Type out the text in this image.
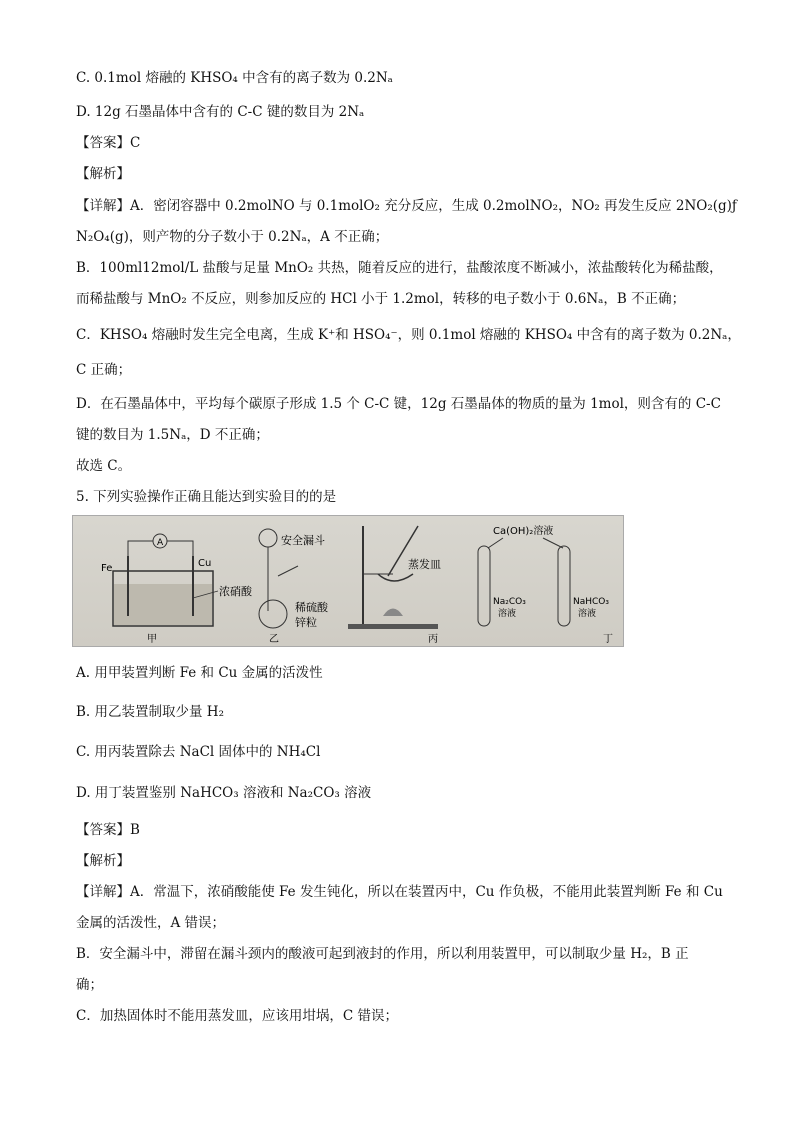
C. 0.1mol 熔融的 KHSO₄ 中含有的离子数为 0.2Nₐ
D. 12g 石墨晶体中含有的 C-C 键的数目为 2Nₐ
【答案】C
【解析】
【详解】A．密闭容器中 0.2molNO 与 0.1molO₂ 充分反应，生成 0.2molNO₂，NO₂ 再发生反应 2NO₂(g)ƒ
N₂O₄(g)，则产物的分子数小于 0.2Nₐ，A 不正确；
B．100ml12mol/L 盐酸与足量 MnO₂ 共热，随着反应的进行，盐酸浓度不断减小，浓盐酸转化为稀盐酸，
而稀盐酸与 MnO₂ 不反应，则参加反应的 HCl 小于 1.2mol，转移的电子数小于 0.6Nₐ，B 不正确；
C．KHSO₄ 熔融时发生完全电离，生成 K⁺和 HSO₄⁻，则 0.1mol 熔融的 KHSO₄ 中含有的离子数为 0.2Nₐ，
C 正确；
D．在石墨晶体中，平均每个碳原子形成 1.5 个 C-C 键，12g 石墨晶体的物质的量为 1mol，则含有的 C-C
键的数目为 1.5Nₐ，D 不正确；
故选 C。
5. 下列实验操作正确且能达到实验目的的是
A
Fe	Cu
浓硝酸
甲
安全漏斗
稀硫酸
锌粒
乙
蒸发皿
丙
Ca(OH)₂溶液
Na₂CO₃
溶液
NaHCO₃
溶液
丁
A. 用甲装置判断 Fe 和 Cu 金属的活泼性
B. 用乙装置制取少量 H₂
C. 用丙装置除去 NaCl 固体中的 NH₄Cl
D. 用丁装置鉴别 NaHCO₃ 溶液和 Na₂CO₃ 溶液
【答案】B
【解析】
【详解】A．常温下，浓硝酸能使 Fe 发生钝化，所以在装置丙中，Cu 作负极，不能用此装置判断 Fe 和 Cu
金属的活泼性，A 错误；
B．安全漏斗中，滞留在漏斗颈内的酸液可起到液封的作用，所以利用装置甲，可以制取少量 H₂，B 正
确；
C．加热固体时不能用蒸发皿，应该用坩埚，C 错误；
